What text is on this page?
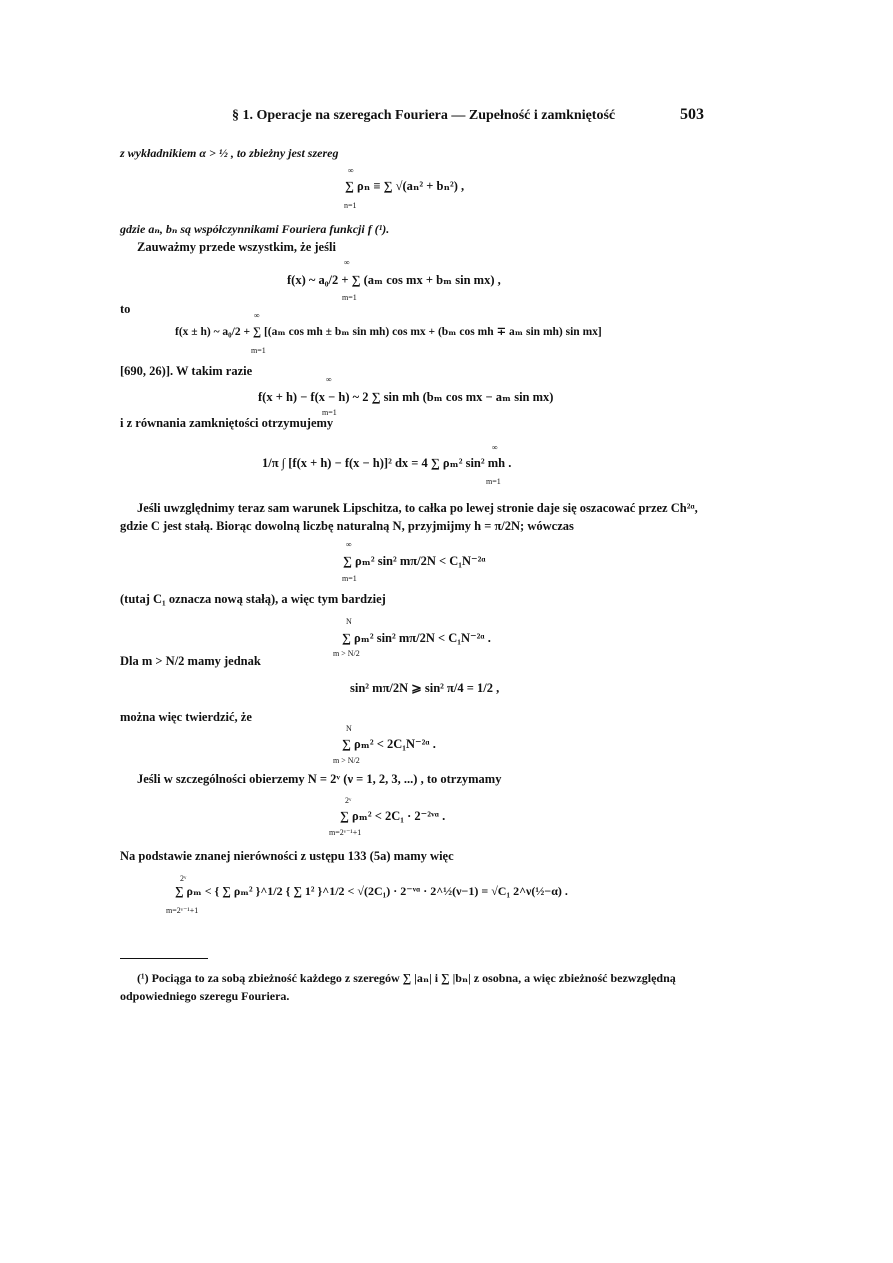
§ 1. Operacje na szeregach Fouriera — Zupełność i zamkniętość	503
z wykładnikiem α > ½ , to zbieżny jest szereg
∑ ρₙ ≡ ∑ √(aₙ² + bₙ²) ,
∞
n=1
gdzie aₙ, bₙ są współczynnikami Fouriera funkcji f (¹).
Zauważmy przede wszystkim, że jeśli
f(x) ~ a₀/2 + ∑ (aₘ cos mx + bₘ sin mx) ,
∞
m=1
to
f(x ± h) ~ a₀/2 + ∑ [(aₘ cos mh ± bₘ sin mh) cos mx + (bₘ cos mh ∓ aₘ sin mh) sin mx]
∞
m=1
[690, 26)]. W takim razie
f(x + h) − f(x − h) ~ 2 ∑ sin mh (bₘ cos mx − aₘ sin mx)
∞
m=1
i z równania zamkniętości otrzymujemy
1/π ∫ [f(x + h) − f(x − h)]² dx = 4 ∑ ρₘ² sin² mh .
∞
m=1
Jeśli uwzględnimy teraz sam warunek Lipschitza, to całka po lewej stronie daje się oszacować przez Ch²ᵅ, gdzie C jest stałą. Biorąc dowolną liczbę naturalną N, przyjmijmy h = π/2N; wówczas
∑ ρₘ² sin² mπ/2N < C₁N⁻²ᵅ
∞
m=1
(tutaj C₁ oznacza nową stałą), a więc tym bardziej
∑ ρₘ² sin² mπ/2N < C₁N⁻²ᵅ .
N
m > N/2
Dla m > N/2 mamy jednak
sin² mπ/2N ⩾ sin² π/4 = 1/2 ,
można więc twierdzić, że
∑ ρₘ² < 2C₁N⁻²ᵅ .
N
m > N/2
Jeśli w szczególności obierzemy N = 2ᵛ (ν = 1, 2, 3, ...) , to otrzymamy
∑ ρₘ² < 2C₁ · 2⁻²ᵛᵅ .
2ᵛ
m=2ᵛ⁻¹+1
Na podstawie znanej nierówności z ustępu 133 (5a) mamy więc
∑ ρₘ < { ∑ ρₘ² }^1/2 { ∑ 1² }^1/2 < √(2C₁) · 2⁻ᵛᵅ · 2^½(ν−1) = √C₁ 2^ν(½−α) .
2ᵛ
m=2ᵛ⁻¹+1
(¹) Pociąga to za sobą zbieżność każdego z szeregów ∑ |aₙ| i ∑ |bₙ| z osobna, a więc zbieżność bezwzględną odpowiedniego szeregu Fouriera.
